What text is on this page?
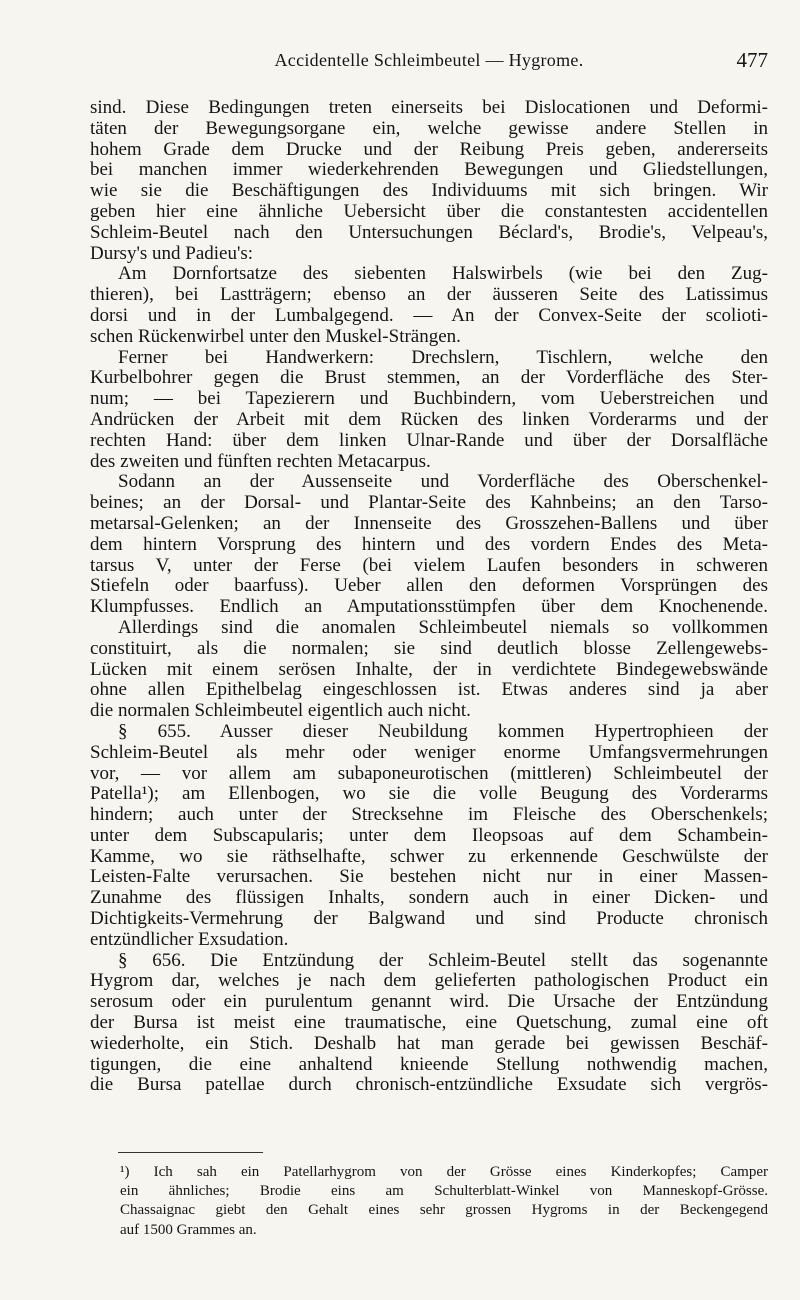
Accidentelle Schleimbeutel — Hygrome.	477
sind. Diese Bedingungen treten einerseits bei Dislocationen und Deformi-
täten der Bewegungsorgane ein, welche gewisse andere Stellen in
hohem Grade dem Drucke und der Reibung Preis geben, andererseits
bei manchen immer wiederkehrenden Bewegungen und Gliedstellungen,
wie sie die Beschäftigungen des Individuums mit sich bringen. Wir
geben hier eine ähnliche Uebersicht über die constantesten accidentellen
Schleim-Beutel nach den Untersuchungen Béclard's, Brodie's, Velpeau's,
Dursy's und Padieu's:
Am Dornfortsatze des siebenten Halswirbels (wie bei den Zug-
thieren), bei Lastträgern; ebenso an der äusseren Seite des Latissimus
dorsi und in der Lumbalgegend. — An der Convex-Seite der scolioti-
schen Rückenwirbel unter den Muskel-Strängen.
Ferner bei Handwerkern: Drechslern, Tischlern, welche den
Kurbelbohrer gegen die Brust stemmen, an der Vorderfläche des Ster-
num; — bei Tapezierern und Buchbindern, vom Ueberstreichen und
Andrücken der Arbeit mit dem Rücken des linken Vorderarms und der
rechten Hand: über dem linken Ulnar-Rande und über der Dorsalfläche
des zweiten und fünften rechten Metacarpus.
Sodann an der Aussenseite und Vorderfläche des Oberschenkel-
beines; an der Dorsal- und Plantar-Seite des Kahnbeins; an den Tarso-
metarsal-Gelenken; an der Innenseite des Grosszehen-Ballens und über
dem hintern Vorsprung des hintern und des vordern Endes des Meta-
tarsus V, unter der Ferse (bei vielem Laufen besonders in schweren
Stiefeln oder baarfuss). Ueber allen den deformen Vorsprüngen des
Klumpfusses. Endlich an Amputationsstümpfen über dem Knochenende.
Allerdings sind die anomalen Schleimbeutel niemals so vollkommen
constituirt, als die normalen; sie sind deutlich blosse Zellengewebs-
Lücken mit einem serösen Inhalte, der in verdichtete Bindegewebswände
ohne allen Epithelbelag eingeschlossen ist. Etwas anderes sind ja aber
die normalen Schleimbeutel eigentlich auch nicht.
§ 655. Ausser dieser Neubildung kommen Hypertrophieen der
Schleim-Beutel als mehr oder weniger enorme Umfangsvermehrungen
vor, — vor allem am subaponeurotischen (mittleren) Schleimbeutel der
Patella¹); am Ellenbogen, wo sie die volle Beugung des Vorderarms
hindern; auch unter der Strecksehne im Fleische des Oberschenkels;
unter dem Subscapularis; unter dem Ileopsoas auf dem Schambein-
Kamme, wo sie räthselhafte, schwer zu erkennende Geschwülste der
Leisten-Falte verursachen. Sie bestehen nicht nur in einer Massen-
Zunahme des flüssigen Inhalts, sondern auch in einer Dicken- und
Dichtigkeits-Vermehrung der Balgwand und sind Producte chronisch
entzündlicher Exsudation.
§ 656. Die Entzündung der Schleim-Beutel stellt das sogenannte
Hygrom dar, welches je nach dem gelieferten pathologischen Product ein
serosum oder ein purulentum genannt wird. Die Ursache der Entzündung
der Bursa ist meist eine traumatische, eine Quetschung, zumal eine oft
wiederholte, ein Stich. Deshalb hat man gerade bei gewissen Beschäf-
tigungen, die eine anhaltend knieende Stellung nothwendig machen,
die Bursa patellae durch chronisch-entzündliche Exsudate sich vergrös-
¹) Ich sah ein Patellarhygrom von der Grösse eines Kinderkopfes; Camper
ein ähnliches; Brodie eins am Schulterblatt-Winkel von Manneskopf-Grösse.
Chassaignac giebt den Gehalt eines sehr grossen Hygroms in der Beckengegend
auf 1500 Grammes an.
